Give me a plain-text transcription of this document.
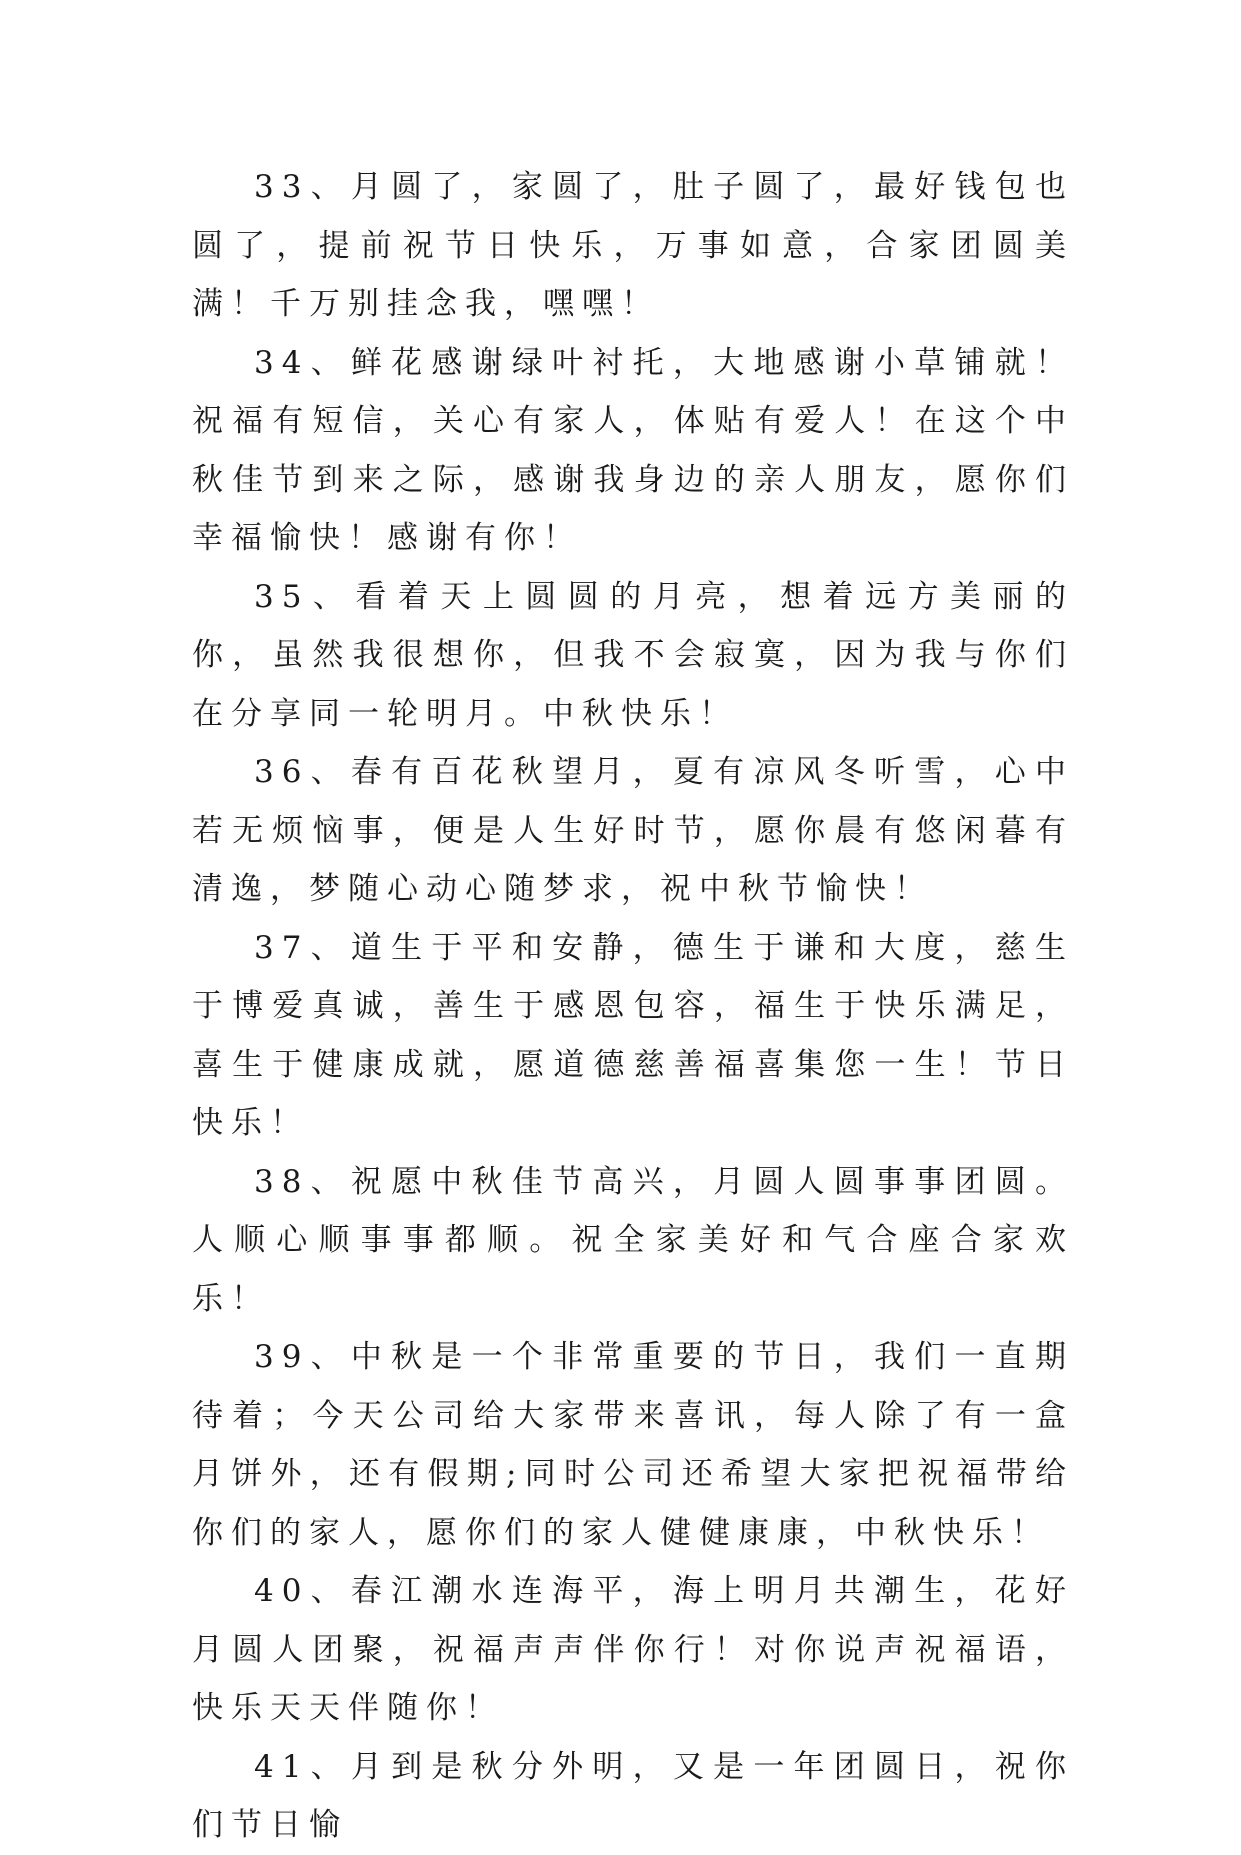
33、月圆了，家圆了，肚子圆了，最好钱包也圆了，提前祝节日快乐，万事如意，合家团圆美满！千万别挂念我，嘿嘿！

34、鲜花感谢绿叶衬托，大地感谢小草铺就！祝福有短信，关心有家人，体贴有爱人！在这个中秋佳节到来之际，感谢我身边的亲人朋友，愿你们幸福愉快！感谢有你！

35、看着天上圆圆的月亮，想着远方美丽的你，虽然我很想你，但我不会寂寞，因为我与你们在分享同一轮明月。中秋快乐！

36、春有百花秋望月，夏有凉风冬听雪，心中若无烦恼事，便是人生好时节，愿你晨有悠闲暮有清逸，梦随心动心随梦求，祝中秋节愉快！

37、道生于平和安静，德生于谦和大度，慈生于博爱真诚，善生于感恩包容，福生于快乐满足，喜生于健康成就，愿道德慈善福喜集您一生！节日快乐！

38、祝愿中秋佳节高兴，月圆人圆事事团圆。人顺心顺事事都顺。祝全家美好和气合座合家欢乐！

39、中秋是一个非常重要的节日，我们一直期待着；今天公司给大家带来喜讯，每人除了有一盒月饼外，还有假期;同时公司还希望大家把祝福带给你们的家人，愿你们的家人健健康康，中秋快乐！

40、春江潮水连海平，海上明月共潮生，花好月圆人团聚，祝福声声伴你行！对你说声祝福语，快乐天天伴随你！

41、月到是秋分外明，又是一年团圆日，祝你们节日愉
